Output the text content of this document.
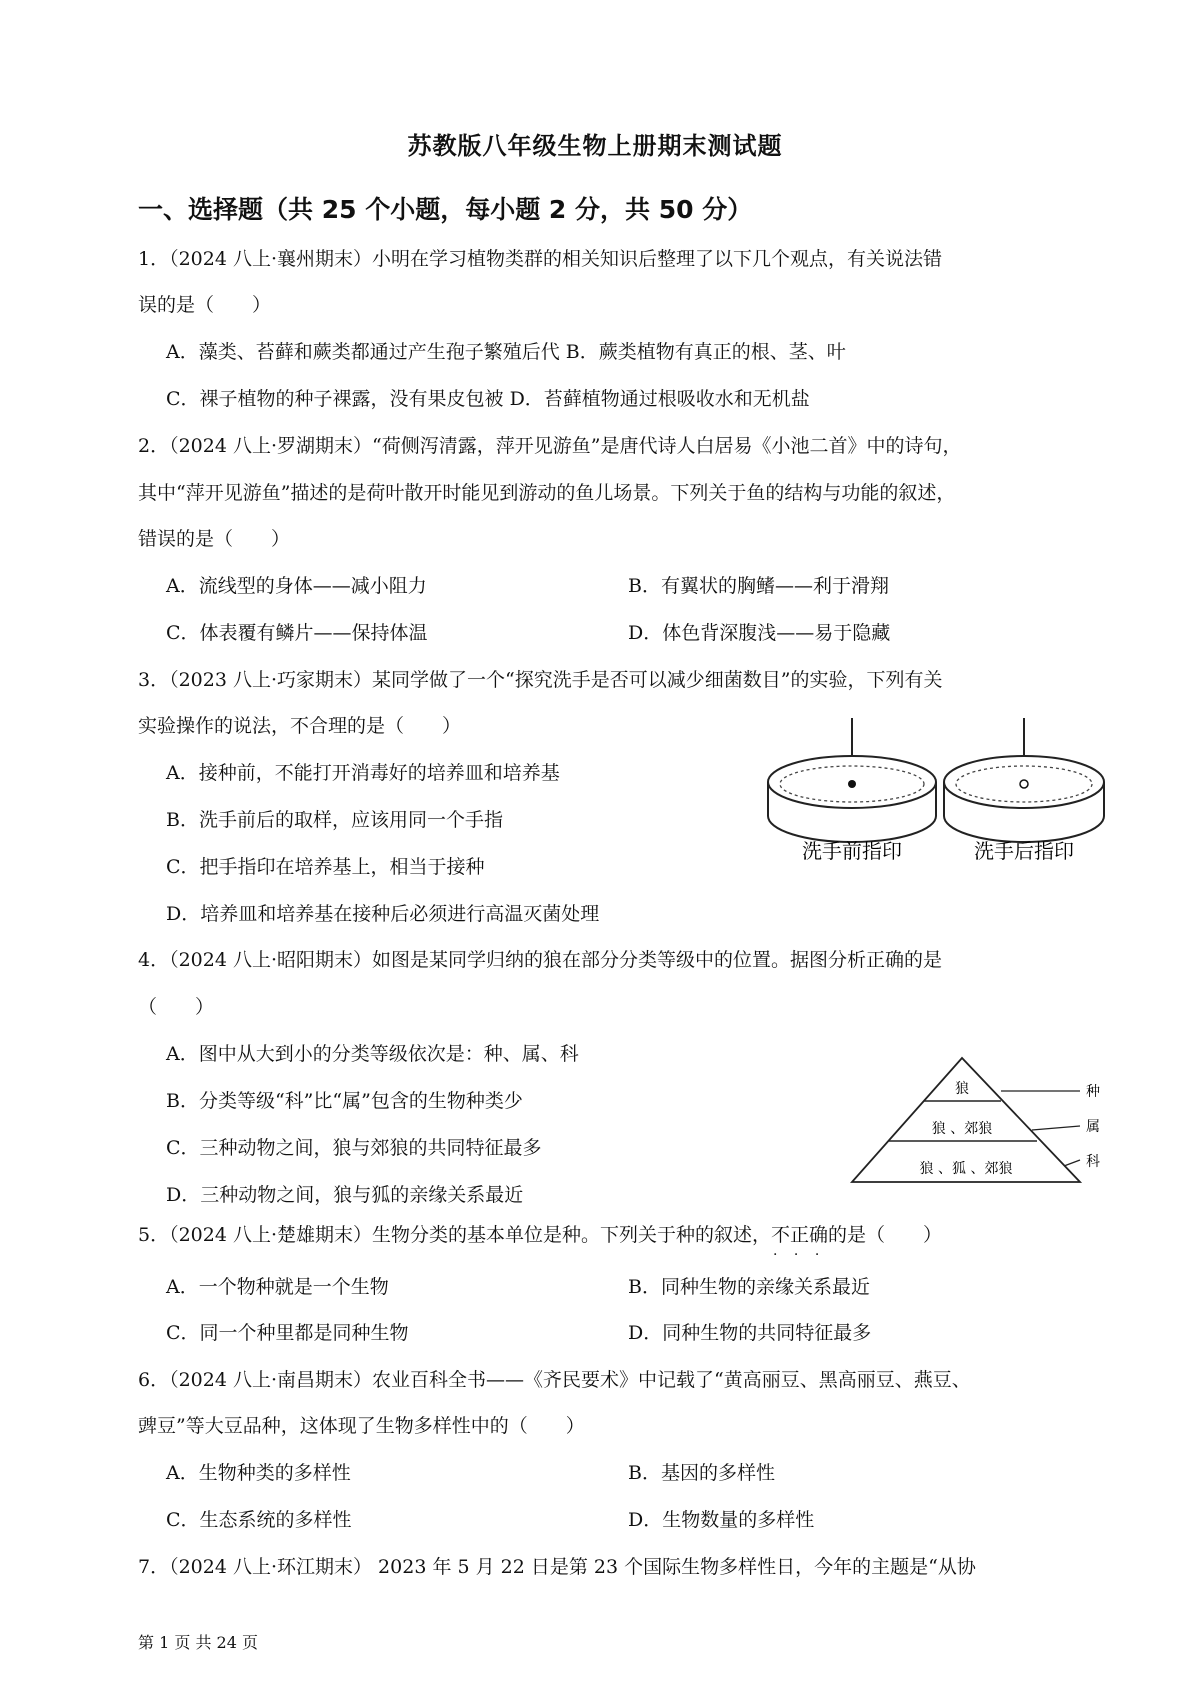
苏教版八年级生物上册期末测试题
一、选择题（共 25 个小题，每小题 2 分，共 50 分）
1．（2024 八上·襄州期末）小明在学习植物类群的相关知识后整理了以下几个观点，有关说法错
误的是（　　）
A．藻类、苔藓和蕨类都通过产生孢子繁殖后代 B．蕨类植物有真正的根、茎、叶
C．裸子植物的种子裸露，没有果皮包被 D．苔藓植物通过根吸收水和无机盐
2．（2024 八上·罗湖期末）“荷侧泻清露，萍开见游鱼”是唐代诗人白居易《小池二首》中的诗句，
其中“萍开见游鱼”描述的是荷叶散开时能见到游动的鱼儿场景。下列关于鱼的结构与功能的叙述，
错误的是（　　）
A．流线型的身体——减小阻力	B．有翼状的胸鳍——利于滑翔
C．体表覆有鳞片——保持体温	D．体色背深腹浅——易于隐藏
3．（2023 八上·巧家期末）某同学做了一个“探究洗手是否可以减少细菌数目”的实验，下列有关
实验操作的说法，不合理的是（　　）
A．接种前，不能打开消毒好的培养皿和培养基
B．洗手前后的取样，应该用同一个手指
C．把手指印在培养基上，相当于接种
D．培养皿和培养基在接种后必须进行高温灭菌处理
洗手前指印	洗手后指印
4．（2024 八上·昭阳期末）如图是某同学归纳的狼在部分分类等级中的位置。据图分析正确的是
（　　）
A．图中从大到小的分类等级依次是：种、属、科
B．分类等级“科”比“属”包含的生物种类少
C．三种动物之间，狼与郊狼的共同特征最多
D．三种动物之间，狼与狐的亲缘关系最近
狼
狼 、郊狼
狼 、狐 、郊狼
种
属
科
5．（2024 八上·楚雄期末）生物分类的基本单位是种。下列关于种的叙述，不正确 · · ·的是（　　）
A．一个物种就是一个生物	B．同种生物的亲缘关系最近
C．同一个种里都是同种生物	D．同种生物的共同特征最多
6．（2024 八上·南昌期末）农业百科全书——《齐民要术》中记载了“黄高丽豆、黑高丽豆、燕豆、
豍豆”等大豆品种，这体现了生物多样性中的（　　）
A．生物种类的多样性	B．基因的多样性
C．生态系统的多样性	D．生物数量的多样性
7．（2024 八上·环江期末） 2023 年 5 月 22 日是第 23 个国际生物多样性日，今年的主题是“从协
第 1 页 共 24 页
